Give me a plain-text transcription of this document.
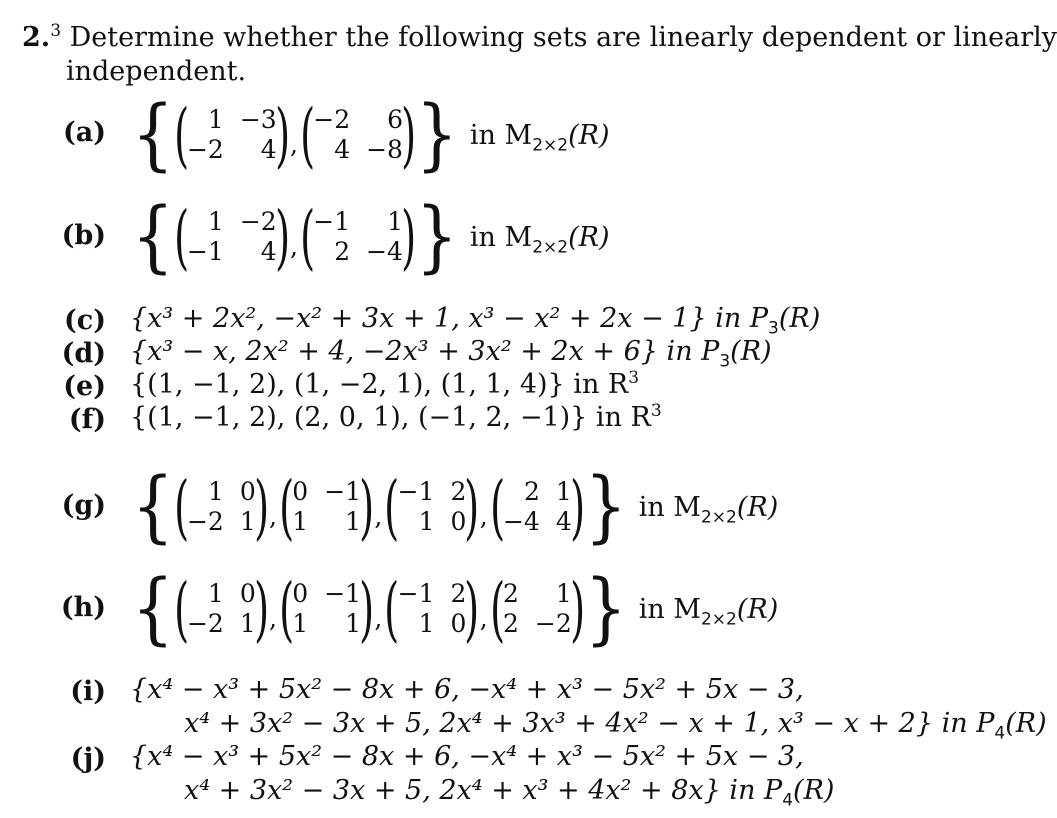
2.$^3$ Determine whether the following sets are linearly dependent or linearly
independent.
(a) { ( 1 −3
−2	4
) , (
−2	6
4 −8
) } in $M_{2\times 2}(R)$
(b) { ( 1 −2
−1	4
) , (
−1	1
2 −4
) } in $M_{2\times 2}(R)$
(c) {x³ + 2x², −x² + 3x + 1, x³ − x² + 2x − 1} in $P_3(R)$
(d) {x³ − x, 2x² + 4, −2x³ + 3x² + 2x + 6} in $P_3(R)$
(e) {(1, −1, 2), (1, −2, 1), (1, 1, 4)} in $R^3$
(f) {(1, −1, 2), (2, 0, 1), (−1, 2, −1)} in $R^3$
(g) { ( 1 0
−2 1
) , (
0 −1
1	1
) , (
−1 2
1 0
) , ( 2 1
−4 4
) } in $M_{2\times 2}(R)$
(h) { ( 1 0
−2 1
) , (
0 −1
1	1
) , (
−1 2
1 0
) , (
2	1
2 −2
) } in $M_{2\times 2}(R)$
(i) {x⁴ − x³ + 5x² − 8x + 6, −x⁴ + x³ − 5x² + 5x − 3,
x⁴ + 3x² − 3x + 5, 2x⁴ + 3x³ + 4x² − x + 1, x³ − x + 2} in $P_4(R)$
(j) {x⁴ − x³ + 5x² − 8x + 6, −x⁴ + x³ − 5x² + 5x − 3,
x⁴ + 3x² − 3x + 5, 2x⁴ + x³ + 4x² + 8x} in $P_4(R)$
